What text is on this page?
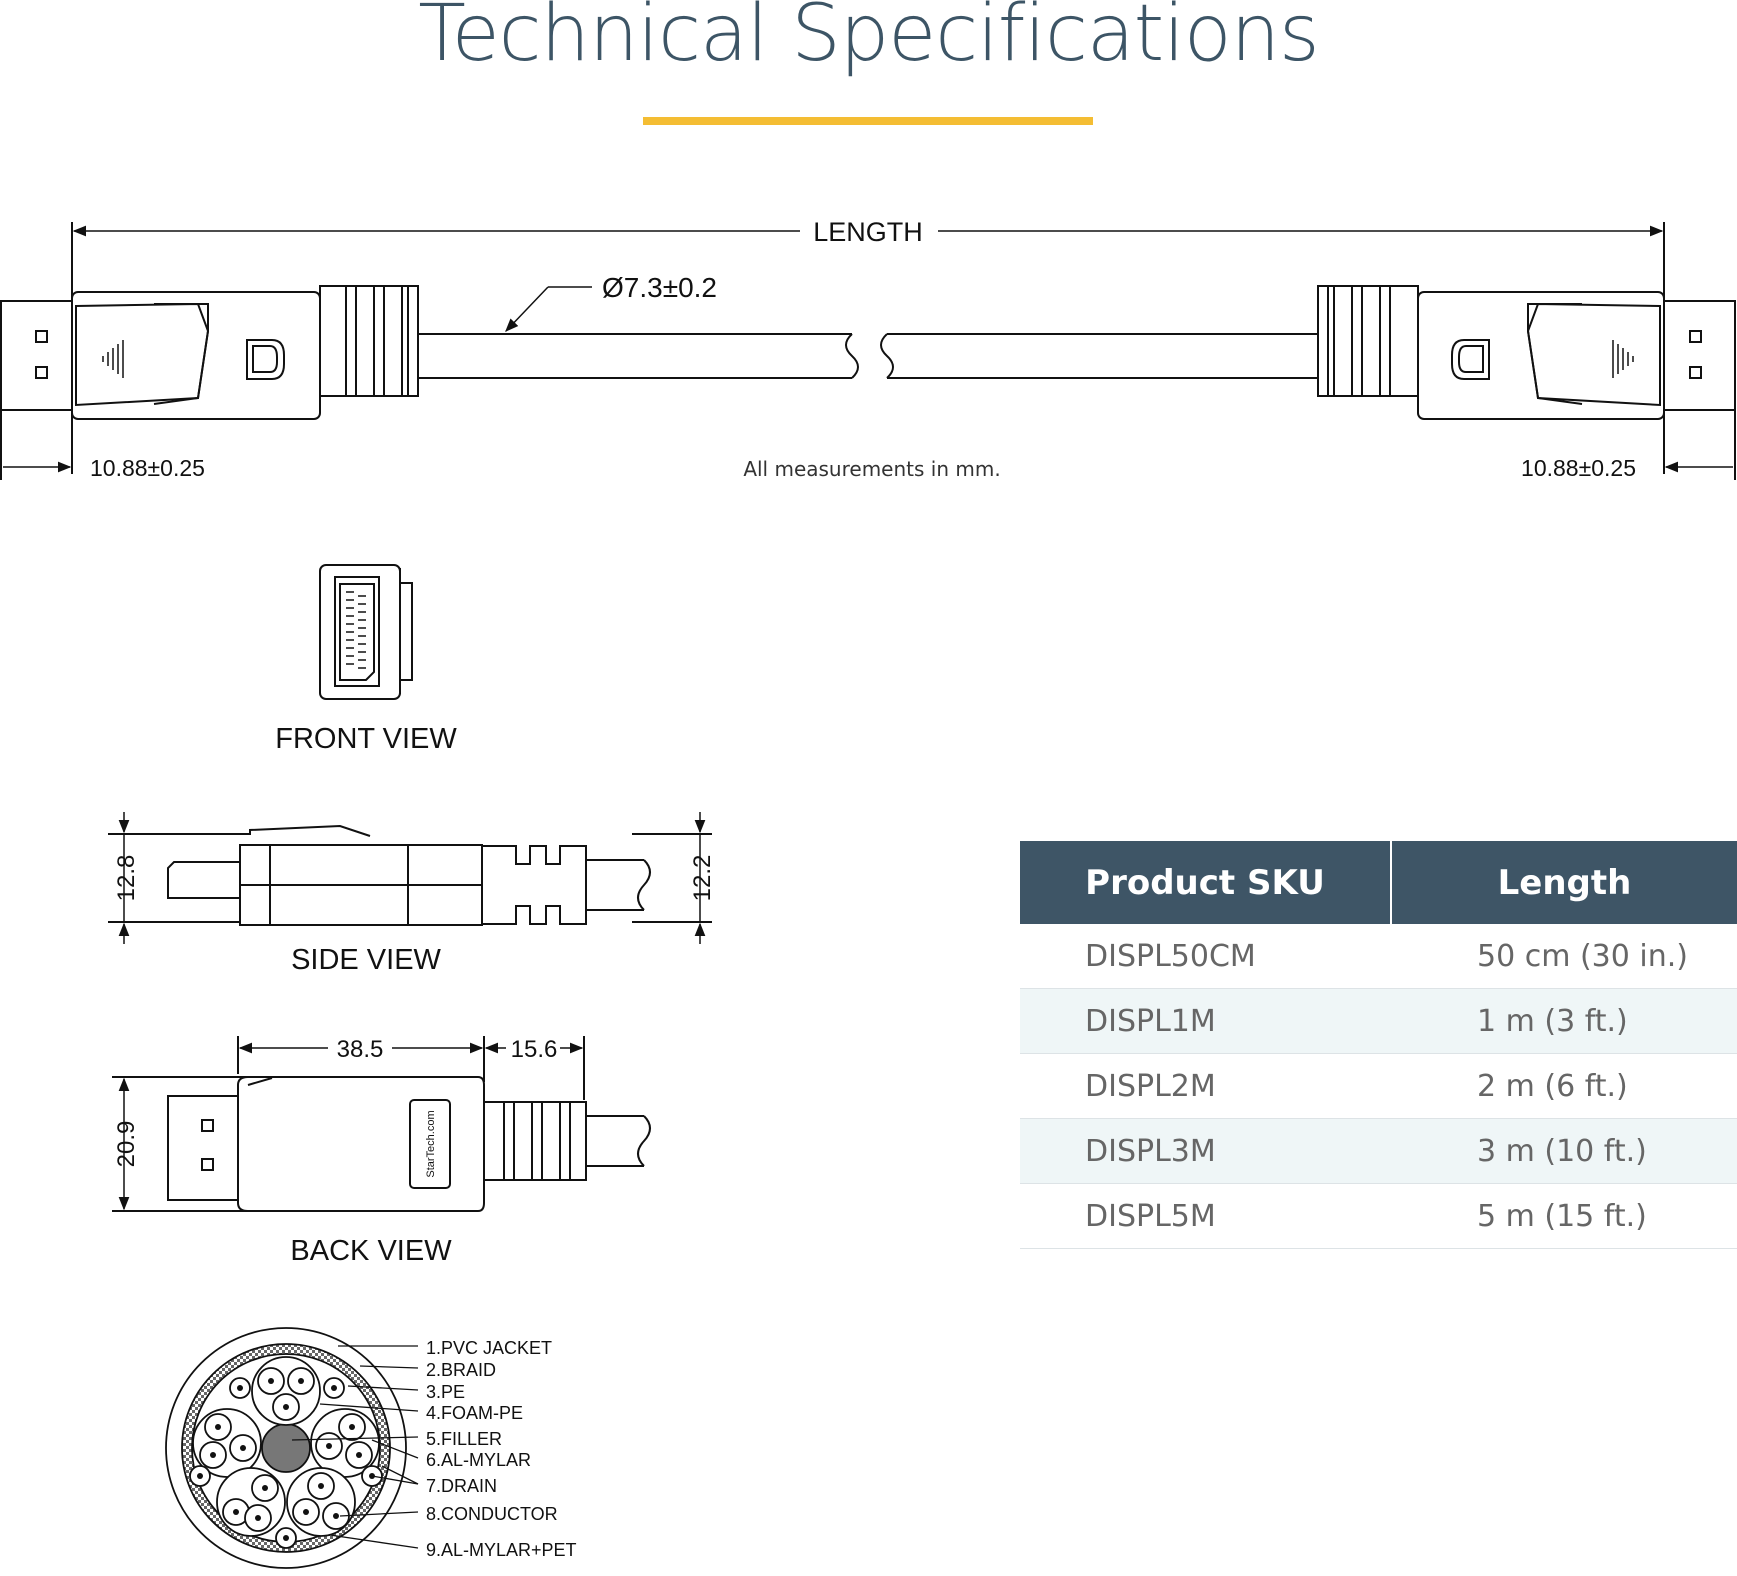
Technical Specifications
LENGTH
Ø7.3±0.2
10.88±0.25	10.88±0.25
All measurements in mm.
FRONT VIEW
12.8	12.2
SIDE VIEW
StarTech.com
20.9
38.5	15.6
BACK VIEW
1.PVC JACKET
2.BRAID
3.PE
4.FOAM-PE
5.FILLER
6.AL-MYLAR
7.DRAIN
8.CONDUCTOR
9.AL-MYLAR+PET
Product SKU	Length
DISPL50CM	50 cm (30 in.)
DISPL1M	1 m (3 ft.)
DISPL2M	2 m (6 ft.)
DISPL3M	3 m (10 ft.)
DISPL5M	5 m (15 ft.)
